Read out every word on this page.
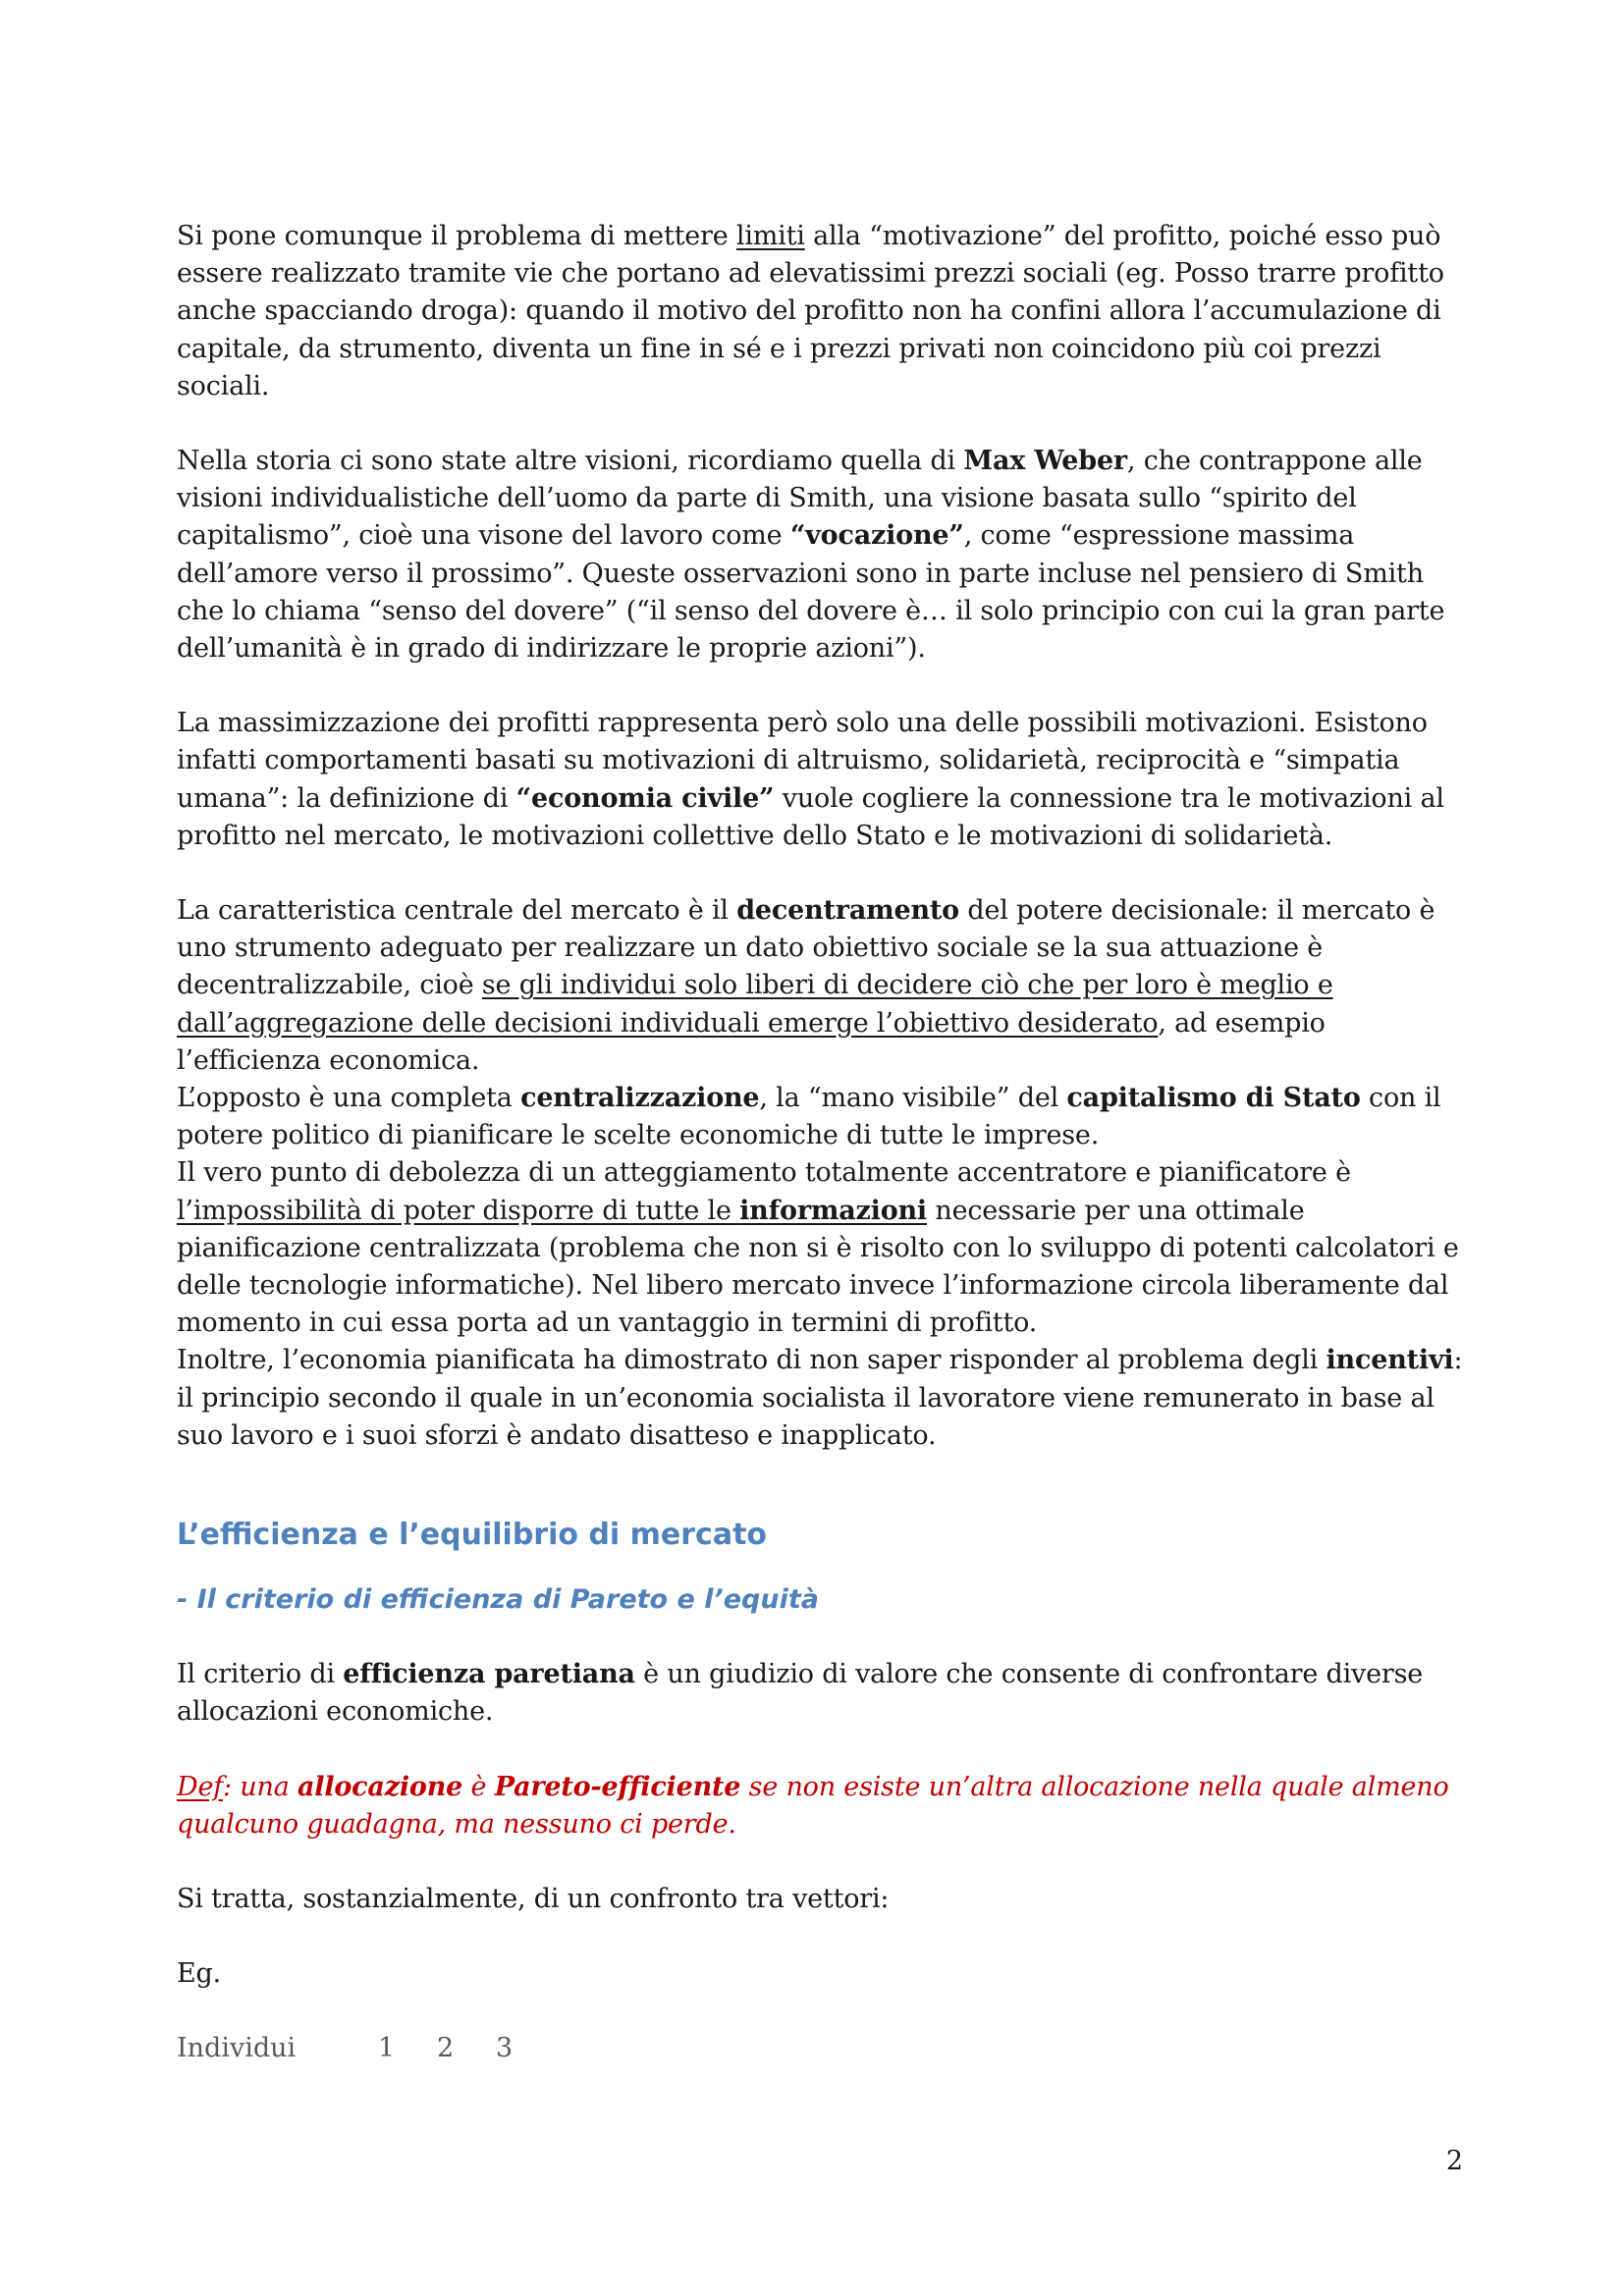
Si pone comunque il problema di mettere limiti alla “motivazione” del profitto, poiché esso può essere realizzato tramite vie che portano ad elevatissimi prezzi sociali (eg. Posso trarre profitto anche spacciando droga): quando il motivo del profitto non ha confini allora l’accumulazione di capitale, da strumento, diventa un fine in sé e i prezzi privati non coincidono più coi prezzi sociali.

Nella storia ci sono state altre visioni, ricordiamo quella di Max Weber, che contrappone alle visioni individualistiche dell’uomo da parte di Smith, una visione basata sullo “spirito del capitalismo”, cioè una visone del lavoro come “vocazione”, come “espressione massima dell’amore verso il prossimo”. Queste osservazioni sono in parte incluse nel pensiero di Smith che lo chiama “senso del dovere” (“il senso del dovere è… il solo principio con cui la gran parte dell’umanità è in grado di indirizzare le proprie azioni”).

La massimizzazione dei profitti rappresenta però solo una delle possibili motivazioni. Esistono infatti comportamenti basati su motivazioni di altruismo, solidarietà, reciprocità e “simpatia umana”: la definizione di “economia civile” vuole cogliere la connessione tra le motivazioni al profitto nel mercato, le motivazioni collettive dello Stato e le motivazioni di solidarietà.

La caratteristica centrale del mercato è il decentramento del potere decisionale: il mercato è uno strumento adeguato per realizzare un dato obiettivo sociale se la sua attuazione è decentralizzabile, cioè se gli individui solo liberi di decidere ciò che per loro è meglio e dall’aggregazione delle decisioni individuali emerge l’obiettivo desiderato, ad esempio l’efficienza economica.

L’opposto è una completa centralizzazione, la “mano visibile” del capitalismo di Stato con il potere politico di pianificare le scelte economiche di tutte le imprese.

Il vero punto di debolezza di un atteggiamento totalmente accentratore e pianificatore è l’impossibilità di poter disporre di tutte le informazioni necessarie per una ottimale pianificazione centralizzata (problema che non si è risolto con lo sviluppo di potenti calcolatori e delle tecnologie informatiche). Nel libero mercato invece l’informazione circola liberamente dal momento in cui essa porta ad un vantaggio in termini di profitto.

Inoltre, l’economia pianificata ha dimostrato di non saper risponder al problema degli incentivi: il principio secondo il quale in un’economia socialista il lavoratore viene remunerato in base al suo lavoro e i suoi sforzi è andato disatteso e inapplicato.

L’efficienza e l’equilibrio di mercato
- Il criterio di efficienza di Pareto e l’equità

Il criterio di efficienza paretiana è un giudizio di valore che consente di confrontare diverse allocazioni economiche.

Def: una allocazione è Pareto-efficiente se non esiste un’altra allocazione nella quale almeno qualcuno guadagna, ma nessuno ci perde.

Si tratta, sostanzialmente, di un confronto tra vettori:

Eg.

Individui	1	2	3
2
